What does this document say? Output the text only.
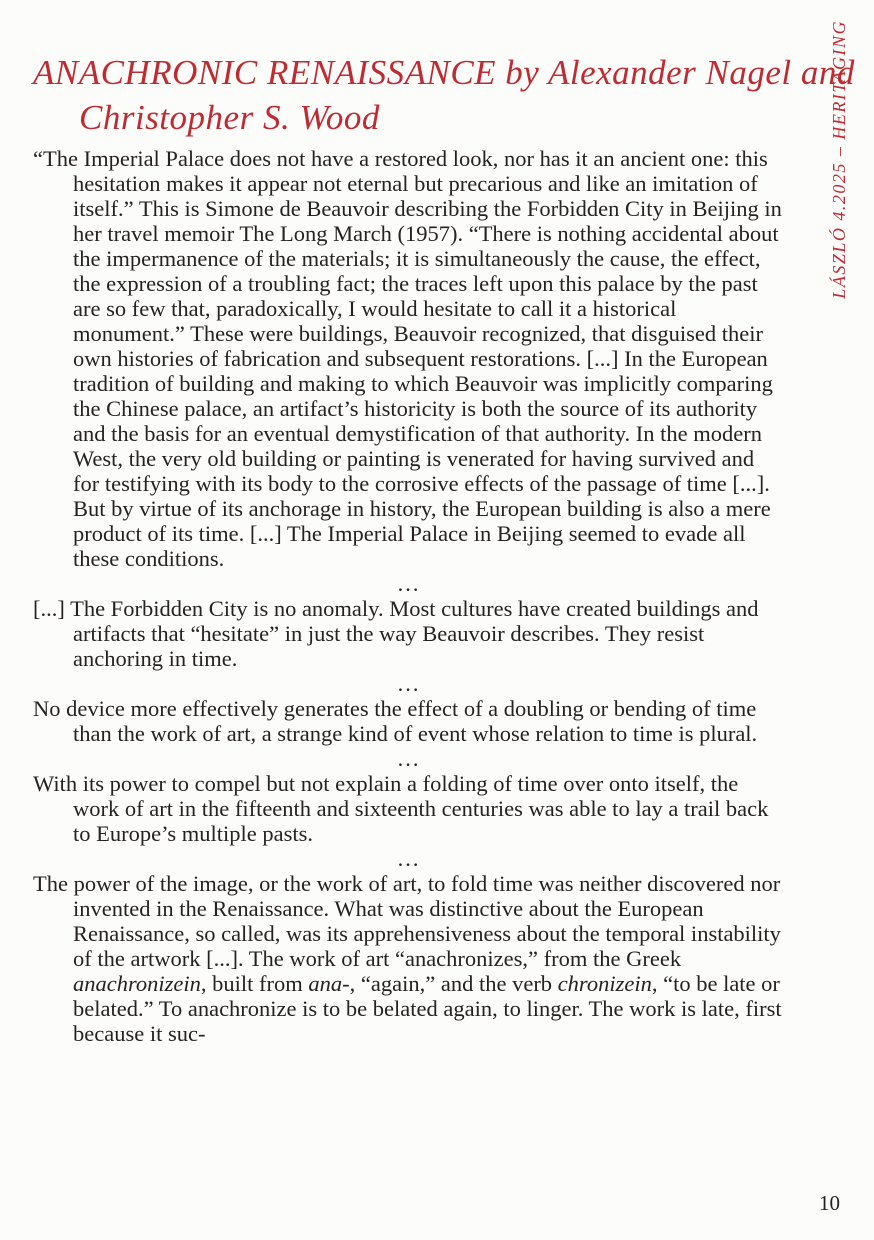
ANACHRONIC RENAISSANCE by Alexander Nagel and Christopher S. Wood

“The Imperial Palace does not have a restored look, nor has it an ancient one: this hesitation makes it appear not eternal but precarious and like an imitation of itself.” This is Simone de Beauvoir describing the Forbidden City in Beijing in her travel memoir The Long March (1957). “There is nothing accidental about the impermanence of the materials; it is simultaneously the cause, the effect, the expression of a troubling fact; the traces left upon this palace by the past are so few that, paradoxically, I would hesitate to call it a historical monument.” These were buildings, Beauvoir recognized, that disguised their own histories of fabrication and subsequent restorations. [...] In the European tradition of building and making to which Beauvoir was implicitly comparing the Chinese palace, an artifact’s historicity is both the source of its authority and the basis for an eventual demystification of that authority. In the modern West, the very old building or painting is venerated for having survived and for testifying with its body to the corrosive effects of the passage of time [...]. But by virtue of its anchorage in history, the European building is also a mere product of its time. [...] The Imperial Palace in Beijing seemed to evade all these conditions.

...

[...] The Forbidden City is no anomaly. Most cultures have created buildings and artifacts that “hesitate” in just the way Beauvoir describes. They resist anchoring in time.

...

No device more effectively generates the effect of a doubling or bending of time than the work of art, a strange kind of event whose relation to time is plural.

...

With its power to compel but not explain a folding of time over onto itself, the work of art in the fifteenth and sixteenth centuries was able to lay a trail back to Europe’s multiple pasts.

...

The power of the image, or the work of art, to fold time was neither discovered nor invented in the Renaissance. What was distinctive about the European Renaissance, so called, was its apprehensiveness about the temporal instability of the artwork [...]. The work of art “anachronizes,” from the Greek anachronizein, built from ana-, “again,” and the verb chronizein, “to be late or belated.” To anachronize is to be belated again, to linger. The work is late, first because it suc-

LÁSZLÓ 4.2025 – HERITAGING
10
